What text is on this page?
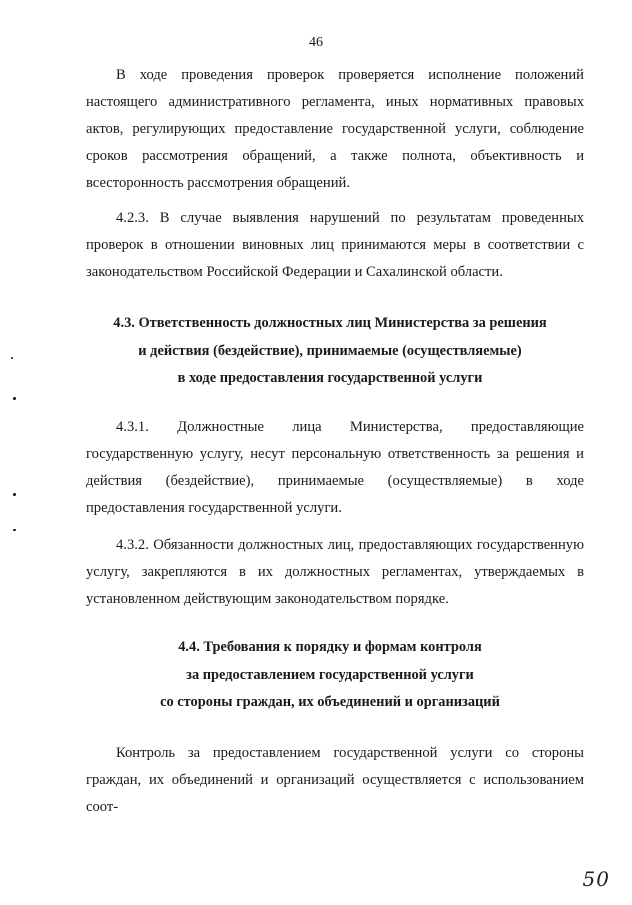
46

В ходе проведения проверок проверяется исполнение положений настоящего административного регламента, иных нормативных правовых актов, регулирующих предоставление государственной услуги, соблюдение сроков рассмотрения обращений, а также полнота, объективность и всесторонность рассмотрения обращений.

4.2.3. В случае выявления нарушений по результатам проведенных проверок в отношении виновных лиц принимаются меры в соответствии с законодательством Российской Федерации и Сахалинской области.

4.3. Ответственность должностных лиц Министерства за решения
и действия (бездействие), принимаемые (осуществляемые)
в ходе предоставления государственной услуги

4.3.1. Должностные лица Министерства, предоставляющие государственную услугу, несут персональную ответственность за решения и действия (бездействие), принимаемые (осуществляемые) в ходе предоставления государственной услуги.

4.3.2. Обязанности должностных лиц, предоставляющих государственную услугу, закрепляются в их должностных регламентах, утверждаемых в установленном действующим законодательством порядке.

4.4. Требования к порядку и формам контроля
за предоставлением государственной услуги
со стороны граждан, их объединений и организаций

Контроль за предоставлением государственной услуги со стороны граждан, их объединений и организаций осуществляется с использованием соот-

50
